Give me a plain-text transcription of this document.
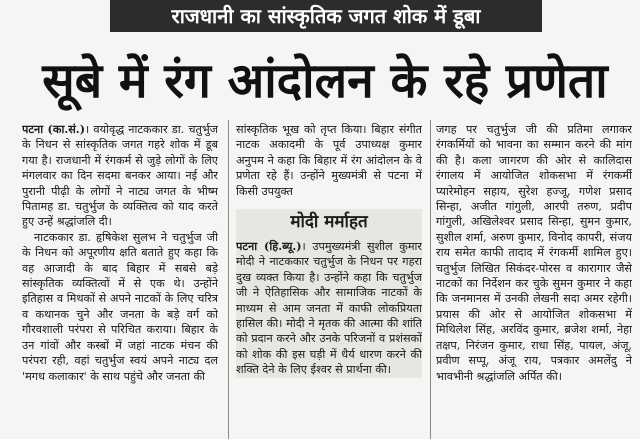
राजधानी का सांस्कृतिक जगत शोक में डूबा
सूबे में रंग आंदोलन के रहे प्रणेता

पटना (का.सं.)। वयोवृद्ध नाटककार डा. चतुर्भुज के निधन से सांस्कृतिक जगत गहरे शोक में डूब गया है। राजधानी में रंगकर्म से जुड़े लोगों के लिए मंगलवार का दिन सदमा बनकर आया। नई और पुरानी पीढ़ी के लोगों ने नाट्य जगत के भीष्म पितामह डा. चतुर्भुज के व्यक्तित्व को याद करते हुए उन्हें श्रद्धांजलि दी।

नाटककार डा. हृषिकेश सुलभ ने चतुर्भुज जी के निधन को अपूरणीय क्षति बताते हुए कहा कि वह आजादी के बाद बिहार में सबसे बड़े सांस्कृतिक व्यक्तित्वों में से एक थे। उन्होंने इतिहास व मिथकों से अपने नाटकों के लिए चरित्र व कथानक चुने और जनता के बड़े वर्ग को गौरवशाली परंपरा से परिचित कराया। बिहार के उन गांवों और कस्बों में जहां नाटक मंचन की परंपरा रही, वहां चतुर्भुज स्वयं अपने नाट्य दल 'मगध कलाकार' के साथ पहुंचे और जनता की

सांस्कृतिक भूख को तृप्त किया। बिहार संगीत नाटक अकादमी के पूर्व उपाध्यक्ष कुमार अनुपम ने कहा कि बिहार में रंग आंदोलन के वे प्रणेता रहे हैं। उन्होंने मुख्यमंत्री से पटना में किसी उपयुक्त

मोदी मर्माहत

पटना (हि.ब्यू.)। उपमुख्यमंत्री सुशील कुमार मोदी ने नाटककार चतुर्भुज के निधन पर गहरा दुख व्यक्त किया है। उन्होंने कहा कि चतुर्भुज जी ने ऐतिहासिक और सामाजिक नाटकों के माध्यम से आम जनता में काफी लोकप्रियता हासिल की। मोदी ने मृतक की आत्मा की शांति को प्रदान करने और उनके परिजनों व प्रशंसकों को शोक की इस घड़ी में धैर्य धारण करने की शक्ति देने के लिए ईश्वर से प्रार्थना की।

जगह पर चतुर्भुज जी की प्रतिमा लगाकर रंगकर्मियों को भावना का सम्मान करने की मांग की है। कला जागरण की ओर से कालिदास रंगालय में आयोजित शोकसभा में रंगकर्मी प्यारेमोहन सहाय, सुरेश हज्जू, गणेश प्रसाद सिन्हा, अजीत गांगुली, आरपी तरुण, प्रदीप गांगुली, अखिलेश्वर प्रसाद सिन्हा, सुमन कुमार, सुशील शर्मा, अरुण कुमार, विनोद कापरी, संजय राय समेत काफी तादाद में रंगकर्मी शामिल हुए। चतुर्भुज लिखित सिकंदर-पोरस व कारागार जैसे नाटकों का निर्देशन कर चुके सुमन कुमार ने कहा कि जनमानस में उनकी लेखनी सदा अमर रहेगी। प्रयास की ओर से आयोजित शोकसभा में मिथिलेश सिंह, अरविंद कुमार, ब्रजेश शर्मा, नेहा तक्षप, निरंजन कुमार, राधा सिंह, पायल, अंजू, प्रवीण सप्पू, अंजू राय, पत्रकार अमलेंदु ने भावभीनी श्रद्धांजलि अर्पित की।
